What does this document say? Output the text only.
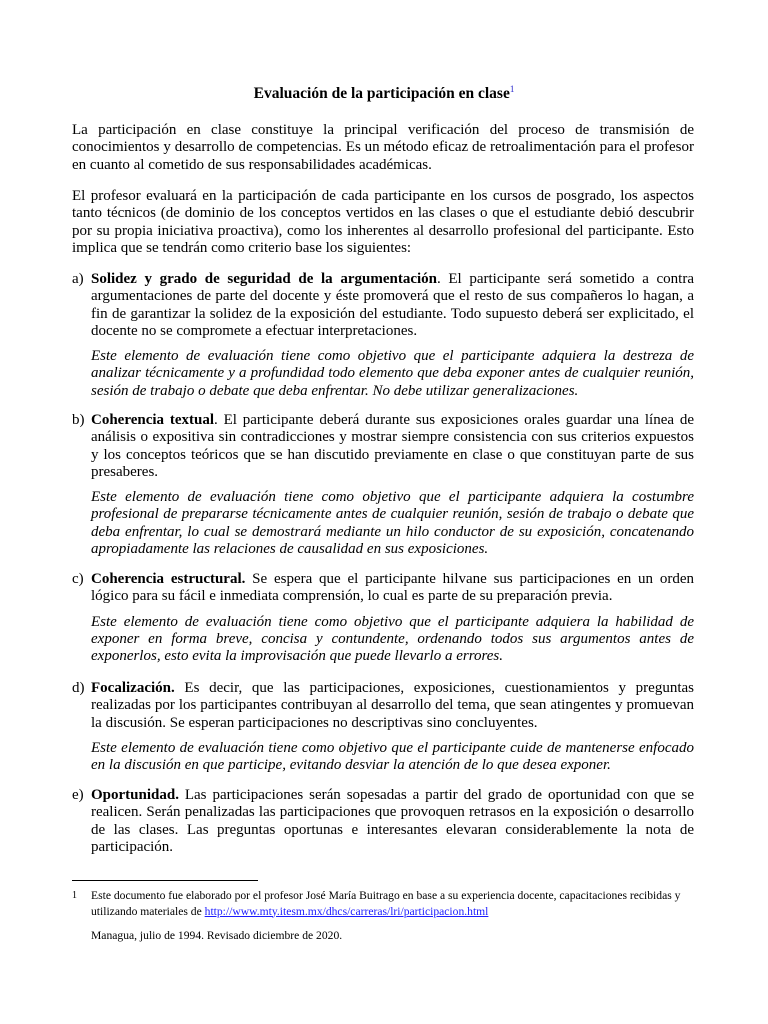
Evaluación de la participación en clase$^1$
La participación en clase constituye la principal verificación del proceso de transmisión de conocimientos y desarrollo de competencias. Es un método eficaz de retroalimentación para el profesor en cuanto al cometido de sus responsabilidades académicas.
El profesor evaluará en la participación de cada participante en los cursos de posgrado, los aspectos tanto técnicos (de dominio de los conceptos vertidos en las clases o que el estudiante debió descubrir por su propia iniciativa proactiva), como los inherentes al desarrollo profesional del participante. Esto implica que se tendrán como criterio base los siguientes:
a) Solidez y grado de seguridad de la argumentación. El participante será sometido a contra argumentaciones de parte del docente y éste promoverá que el resto de sus compañeros lo hagan, a fin de garantizar la solidez de la exposición del estudiante. Todo supuesto deberá ser explicitado, el docente no se compromete a efectuar interpretaciones.
Este elemento de evaluación tiene como objetivo que el participante adquiera la destreza de analizar técnicamente y a profundidad todo elemento que deba exponer antes de cualquier reunión, sesión de trabajo o debate que deba enfrentar. No debe utilizar generalizaciones.
b) Coherencia textual. El participante deberá durante sus exposiciones orales guardar una línea de análisis o expositiva sin contradicciones y mostrar siempre consistencia con sus criterios expuestos y los conceptos teóricos que se han discutido previamente en clase o que constituyan parte de sus presaberes.
Este elemento de evaluación tiene como objetivo que el participante adquiera la costumbre profesional de prepararse técnicamente antes de cualquier reunión, sesión de trabajo o debate que deba enfrentar, lo cual se demostrará mediante un hilo conductor de su exposición, concatenando apropiadamente las relaciones de causalidad en sus exposiciones.
c) Coherencia estructural. Se espera que el participante hilvane sus participaciones en un orden lógico para su fácil e inmediata comprensión, lo cual es parte de su preparación previa.
Este elemento de evaluación tiene como objetivo que el participante adquiera la habilidad de exponer en forma breve, concisa y contundente, ordenando todos sus argumentos antes de exponerlos, esto evita la improvisación que puede llevarlo a errores.
d) Focalización. Es decir, que las participaciones, exposiciones, cuestionamientos y preguntas realizadas por los participantes contribuyan al desarrollo del tema, que sean atingentes y promuevan la discusión. Se esperan participaciones no descriptivas sino concluyentes.
Este elemento de evaluación tiene como objetivo que el participante cuide de mantenerse enfocado en la discusión en que participe, evitando desviar la atención de lo que desea exponer.
e) Oportunidad. Las participaciones serán sopesadas a partir del grado de oportunidad con que se realicen. Serán penalizadas las participaciones que provoquen retrasos en la exposición o desarrollo de las clases. Las preguntas oportunas e interesantes elevaran considerablemente la nota de participación.
1 Este documento fue elaborado por el profesor José María Buitrago en base a su experiencia docente, capacitaciones recibidas y utilizando materiales de http://www.mty.itesm.mx/dhcs/carreras/lri/participacion.html
Managua, julio de 1994. Revisado diciembre de 2020.
